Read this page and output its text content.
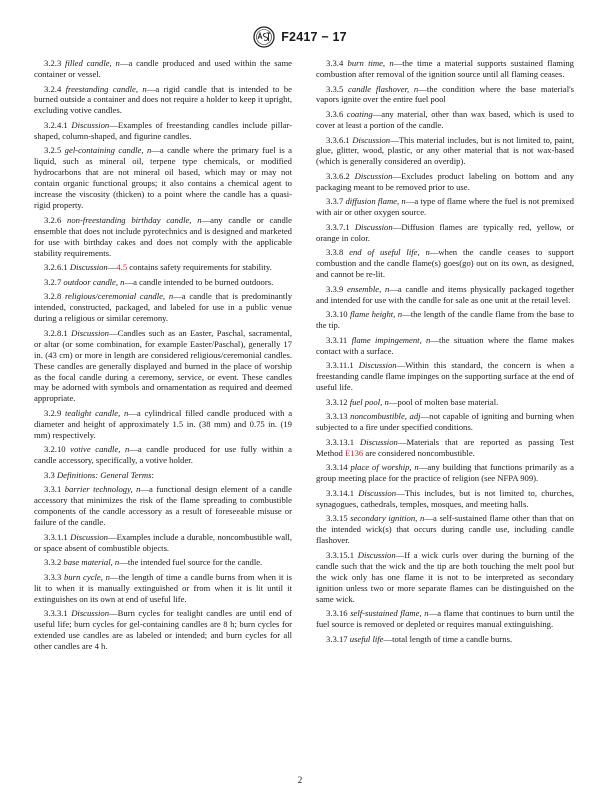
F2417 − 17

3.2.3 filled candle, n—a candle produced and used within the same container or vessel.

3.2.4 freestanding candle, n—a rigid candle that is intended to be burned outside a container and does not require a holder to keep it upright, excluding votive candles.

3.2.4.1 Discussion—Examples of freestanding candles include pillar-shaped, column-shaped, and figurine candles.

3.2.5 gel-containing candle, n—a candle where the primary fuel is a liquid, such as mineral oil, terpene type chemicals, or modified hydrocarbons that are not mineral oil based, which may or may not contain organic functional groups; it also contains a chemical agent to increase the viscosity (thicken) to a point where the candle has a quasi-rigid property.

3.2.6 non-freestanding birthday candle, n—any candle or candle ensemble that does not include pyrotechnics and is designed and marketed for use with birthday cakes and does not comply with the applicable stability requirements.

3.2.6.1 Discussion—4.5 contains safety requirements for stability.

3.2.7 outdoor candle, n—a candle intended to be burned outdoors.

3.2.8 religious/ceremonial candle, n—a candle that is predominantly intended, constructed, packaged, and labeled for use in a public venue during a religious or similar ceremony.

3.2.8.1 Discussion—Candles such as an Easter, Paschal, sacramental, or altar (or some combination, for example Easter/Paschal), generally 17 in. (43 cm) or more in length are considered religious/ceremonial candles. These candles are generally displayed and burned in the place of worship as the focal candle during a ceremony, service, or event. These candles may be adorned with symbols and ornamentation as required and deemed appropriate.

3.2.9 tealight candle, n—a cylindrical filled candle produced with a diameter and height of approximately 1.5 in. (38 mm) and 0.75 in. (19 mm) respectively.

3.2.10 votive candle, n—a candle produced for use fully within a candle accessory, specifically, a votive holder.

3.3 Definitions: General Terms:

3.3.1 barrier technology, n—a functional design element of a candle accessory that minimizes the risk of the flame spreading to combustible components of the candle accessory as a result of foreseeable misuse or failure of the candle.

3.3.1.1 Discussion—Examples include a durable, noncombustible wall, or space absent of combustible objects.

3.3.2 base material, n—the intended fuel source for the candle.

3.3.3 burn cycle, n—the length of time a candle burns from when it is lit to when it is manually extinguished or from when it is lit until it extinguishes on its own at end of useful life.

3.3.3.1 Discussion—Burn cycles for tealight candles are until end of useful life; burn cycles for gel-containing candles are 8 h; burn cycles for extended use candles are as labeled or intended; and burn cycles for all other candles are 4 h.

3.3.4 burn time, n—the time a material supports sustained flaming combustion after removal of the ignition source until all flaming ceases.

3.3.5 candle flashover, n—the condition where the base material's vapors ignite over the entire fuel pool

3.3.6 coating—any material, other than wax based, which is used to cover at least a portion of the candle.

3.3.6.1 Discussion—This material includes, but is not limited to, paint, glue, glitter, wood, plastic, or any other material that is not wax-based (which is generally considered an overdip).

3.3.6.2 Discussion—Excludes product labeling on bottom and any packaging meant to be removed prior to use.

3.3.7 diffusion flame, n—a type of flame where the fuel is not premixed with air or other oxygen source.

3.3.7.1 Discussion—Diffusion flames are typically red, yellow, or orange in color.

3.3.8 end of useful life, n—when the candle ceases to support combustion and the candle flame(s) goes(go) out on its own, as designed, and cannot be re-lit.

3.3.9 ensemble, n—a candle and items physically packaged together and intended for use with the candle for sale as one unit at the retail level.

3.3.10 flame height, n—the length of the candle flame from the base to the tip.

3.3.11 flame impingement, n—the situation where the flame makes contact with a surface.

3.3.11.1 Discussion—Within this standard, the concern is when a freestanding candle flame impinges on the supporting surface at the end of useful life.

3.3.12 fuel pool, n—pool of molten base material.

3.3.13 noncombustible, adj—not capable of igniting and burning when subjected to a fire under specified conditions.

3.3.13.1 Discussion—Materials that are reported as passing Test Method E136 are considered noncombustible.

3.3.14 place of worship, n—any building that functions primarily as a group meeting place for the practice of religion (see NFPA 909).

3.3.14.1 Discussion—This includes, but is not limited to, churches, synagogues, cathedrals, temples, mosques, and meeting halls.

3.3.15 secondary ignition, n—a self-sustained flame other than that on the intended wick(s) that occurs during candle use, including candle flashover.

3.3.15.1 Discussion—If a wick curls over during the burning of the candle such that the wick and the tip are both touching the melt pool but the wick only has one flame it is not to be interpreted as secondary ignition unless two or more separate flames can be distinguished on the same wick.

3.3.16 self-sustained flame, n—a flame that continues to burn until the fuel source is removed or depleted or requires manual extinguishing.

3.3.17 useful life—total length of time a candle burns.

2
